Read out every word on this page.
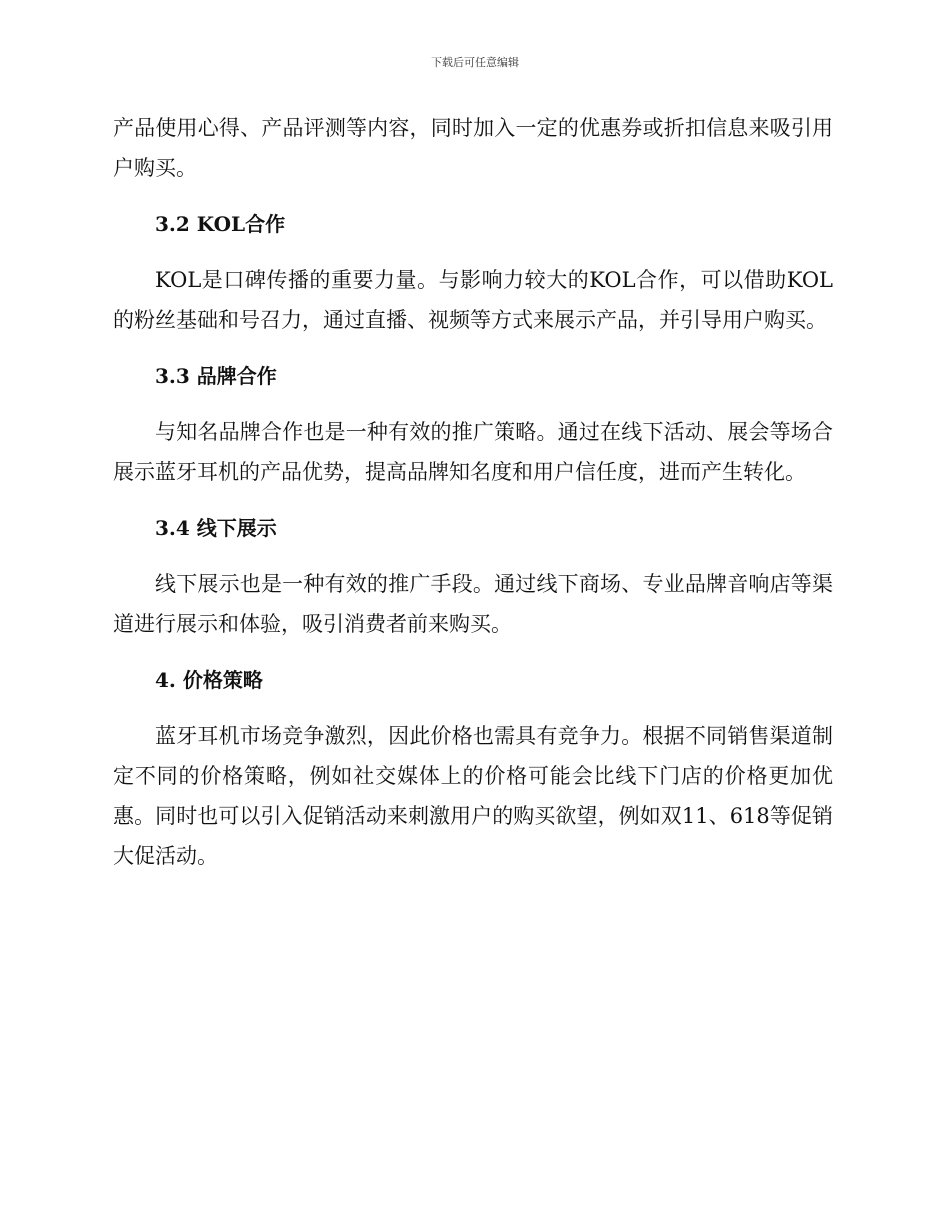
下载后可任意编辑

产品使用心得、产品评测等内容，同时加入一定的优惠券或折扣信息来吸引用户购买。

3.2 KOL合作

KOL是口碑传播的重要力量。与影响力较大的KOL合作，可以借助KOL的粉丝基础和号召力，通过直播、视频等方式来展示产品，并引导用户购买。

3.3 品牌合作

与知名品牌合作也是一种有效的推广策略。通过在线下活动、展会等场合展示蓝牙耳机的产品优势，提高品牌知名度和用户信任度，进而产生转化。

3.4 线下展示

线下展示也是一种有效的推广手段。通过线下商场、专业品牌音响店等渠道进行展示和体验，吸引消费者前来购买。

4. 价格策略

蓝牙耳机市场竞争激烈，因此价格也需具有竞争力。根据不同销售渠道制定不同的价格策略，例如社交媒体上的价格可能会比线下门店的价格更加优惠。同时也可以引入促销活动来刺激用户的购买欲望，例如双11、618等促销大促活动。
